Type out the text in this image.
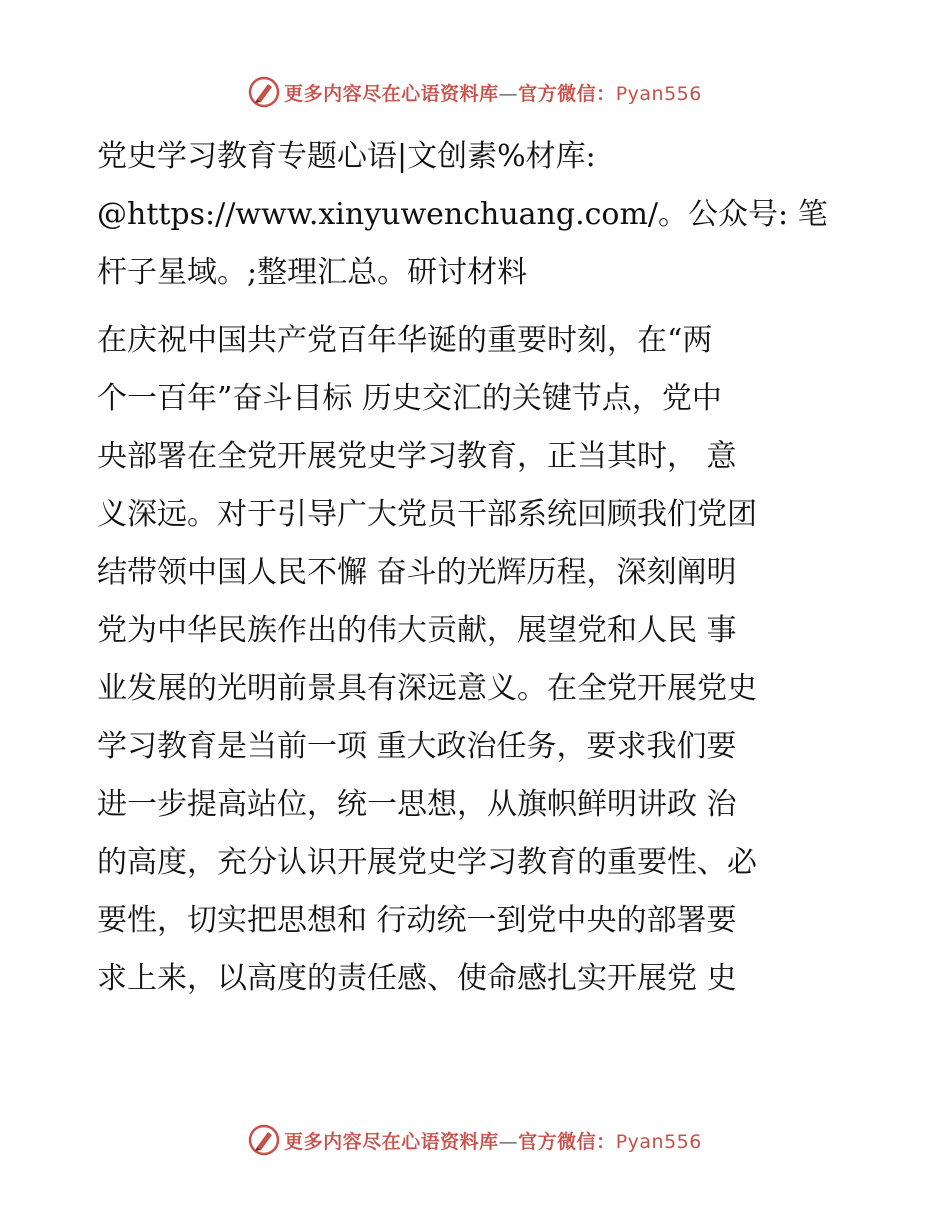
更多内容尽在心语资料库—官方微信：Pyan556

党史学习教育专题心语|文创素%材库:
@https://www.xinyuwenchuang.com/。公众号: 笔
杆子星域。;整理汇总。研讨材料

在庆祝中国共产党百年华诞的重要时刻，在“两
个一百年”奋斗目标 历史交汇的关键节点，党中
央部署在全党开展党史学习教育，正当其时， 意
义深远。对于引导广大党员干部系统回顾我们党团
结带领中国人民不懈 奋斗的光辉历程，深刻阐明
党为中华民族作出的伟大贡献，展望党和人民 事
业发展的光明前景具有深远意义。在全党开展党史
学习教育是当前一项 重大政治任务，要求我们要
进一步提高站位，统一思想，从旗帜鲜明讲政 治
的高度，充分认识开展党史学习教育的重要性、必
要性，切实把思想和 行动统一到党中央的部署要
求上来，以高度的责任感、使命感扎实开展党 史

更多内容尽在心语资料库—官方微信：Pyan556
